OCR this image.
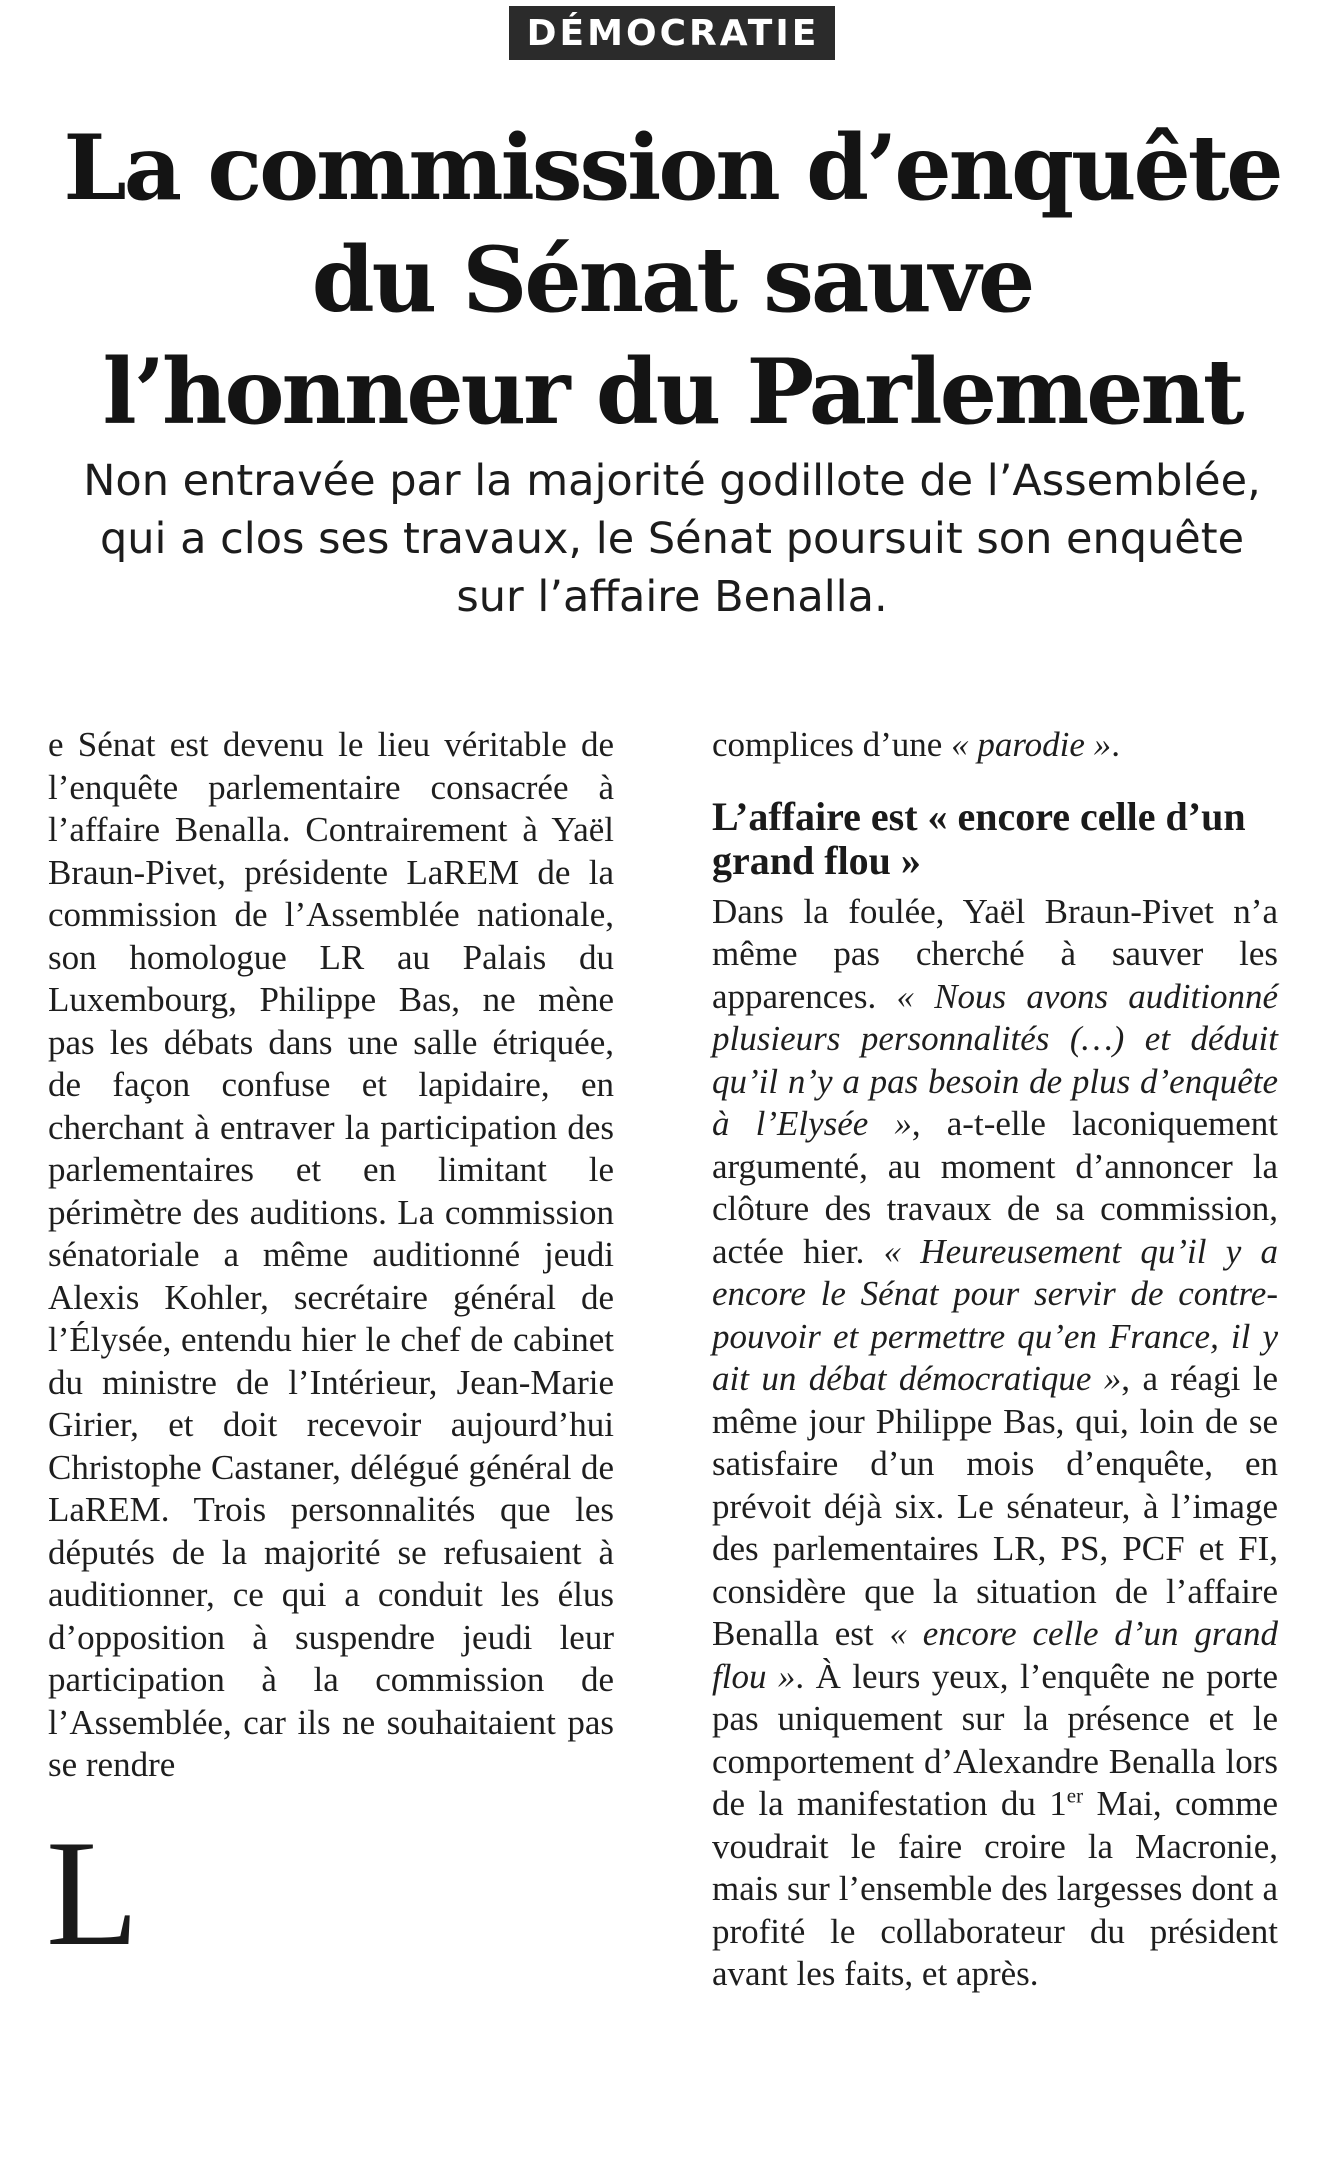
DÉMOCRATIE
La commission d’enquête
du Sénat sauve
l’honneur du Parlement

Non entravée par la majorité godillote de l’Assemblée, qui a clos ses travaux, le Sénat poursuit son enquête sur l’affaire Benalla.

L
e Sénat est devenu le lieu véritable de l’enquête parlementaire consacrée à l’affaire Benalla. Contrairement à Yaël Braun-Pivet, présidente LaREM de la commission de l’Assemblée nationale, son homologue LR au Palais du Luxembourg, Philippe Bas, ne mène pas les débats dans une salle étriquée, de façon confuse et lapidaire, en cherchant à entraver la participation des parlementaires et en limitant le périmètre des auditions. La commission sénatoriale a même auditionné jeudi Alexis Kohler, secrétaire général de l’Élysée, entendu hier le chef de cabinet du ministre de l’Intérieur, Jean-Marie Girier, et doit recevoir aujourd’hui Christophe Castaner, délégué général de LaREM. Trois personnalités que les députés de la majorité se refusaient à auditionner, ce qui a conduit les élus d’opposition à suspendre jeudi leur participation à la commission de l’Assemblée, car ils ne souhaitaient pas se rendre

complices d’une « parodie ».

L’affaire est « encore celle d’un grand flou »

Dans la foulée, Yaël Braun-Pivet n’a même pas cherché à sauver les apparences. « Nous avons auditionné plusieurs personnalités (…) et déduit qu’il n’y a pas besoin de plus d’enquête à l’Elysée », a-t-elle laconiquement argumenté, au moment d’annoncer la clôture des travaux de sa commission, actée hier. « Heureusement qu’il y a encore le Sénat pour servir de contre-pouvoir et permettre qu’en France, il y ait un débat démocratique », a réagi le même jour Philippe Bas, qui, loin de se satisfaire d’un mois d’enquête, en prévoit déjà six. Le sénateur, à l’image des parlementaires LR, PS, PCF et FI, considère que la situation de l’affaire Benalla est « encore celle d’un grand flou ». À leurs yeux, l’enquête ne porte pas uniquement sur la présence et le comportement d’Alexandre Benalla lors de la manifestation du 1er Mai, comme voudrait le faire croire la Macronie, mais sur l’ensemble des largesses dont a profité le collaborateur du président avant les faits, et après.
